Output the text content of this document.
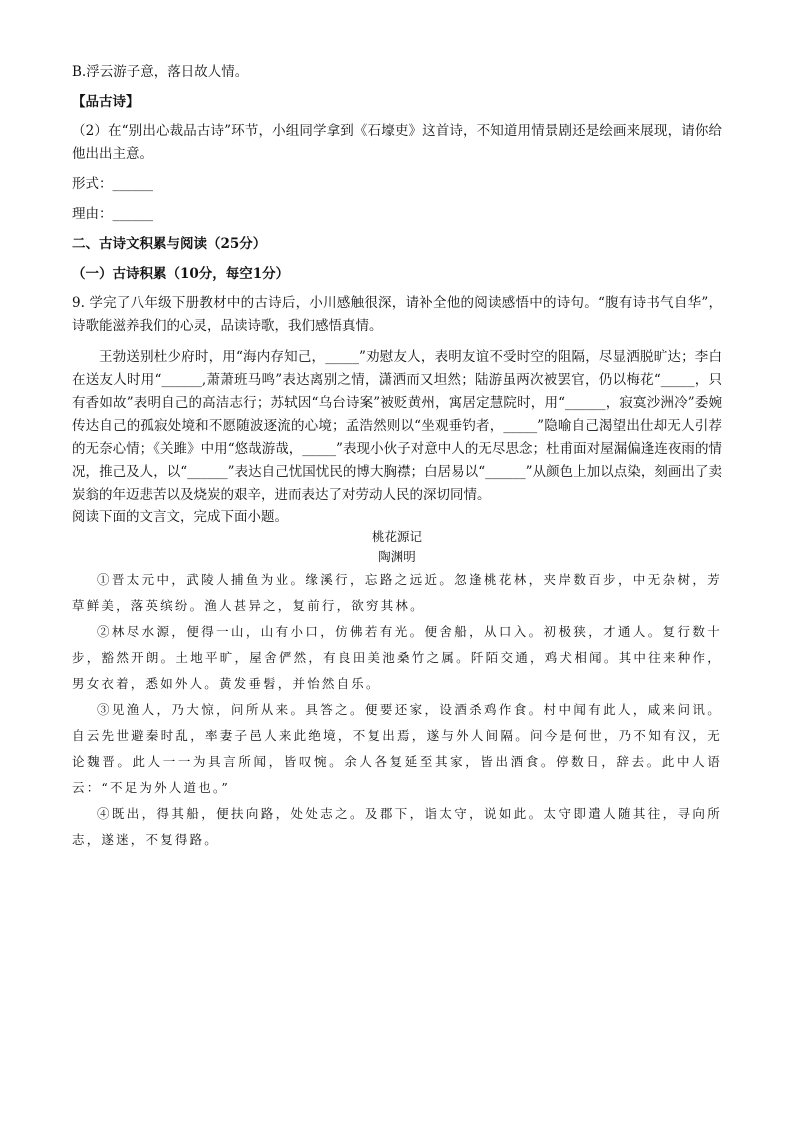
B.浮云游子意，落日故人情。

【品古诗】

（2）在“别出心裁品古诗”环节，小组同学拿到《石壕吏》这首诗，不知道用情景剧还是绘画来展现，请你给他出出主意。

形式：______

理由：______

二、古诗文积累与阅读（25分）

（一）古诗积累（10分，每空1分）

9. 学完了八年级下册教材中的古诗后，小川感触很深，请补全他的阅读感悟中的诗句。“腹有诗书气自华”，诗歌能滋养我们的心灵，品读诗歌，我们感悟真情。

王勃送别杜少府时，用“海内存知己，_____”劝慰友人，表明友谊不受时空的阻隔，尽显洒脱旷达；李白在送友人时用“______,萧萧班马鸣”表达离别之情，潇洒而又坦然；陆游虽两次被罢官，仍以梅花“_____，只有香如故”表明自己的高洁志行；苏轼因“乌台诗案”被贬黄州，寓居定慧院时，用“______，寂寞沙洲冷”委婉传达自己的孤寂处境和不愿随波逐流的心境；孟浩然则以“坐观垂钓者，_____”隐喻自己渴望出仕却无人引荐的无奈心情；《关雎》中用“悠哉游哉，_____”表现小伙子对意中人的无尽思念；杜甫面对屋漏偏逢连夜雨的情况，推己及人，以“______”表达自己忧国忧民的博大胸襟；白居易以“______”从颜色上加以点染，刻画出了卖炭翁的年迈悲苦以及烧炭的艰辛，进而表达了对劳动人民的深切同情。

阅读下面的文言文，完成下面小题。

桃花源记

陶渊明

①晋太元中，武陵人捕鱼为业。缘溪行，忘路之远近。忽逢桃花林，夹岸数百步，中无杂树，芳草鲜美，落英缤纷。渔人甚异之，复前行，欲穷其林。

②林尽水源，便得一山，山有小口，仿佛若有光。便舍船，从口入。初极狭，才通人。复行数十步，豁然开朗。土地平旷，屋舍俨然，有良田美池桑竹之属。阡陌交通，鸡犬相闻。其中往来种作，男女衣着，悉如外人。黄发垂髫，并怡然自乐。

③见渔人，乃大惊，问所从来。具答之。便要还家，设酒杀鸡作食。村中闻有此人，咸来问讯。自云先世避秦时乱，率妻子邑人来此绝境，不复出焉，遂与外人间隔。问今是何世，乃不知有汉，无论魏晋。此人一一为具言所闻，皆叹惋。余人各复延至其家，皆出酒食。停数日，辞去。此中人语云：“不足为外人道也。”

④既出，得其船，便扶向路，处处志之。及郡下，诣太守，说如此。太守即遣人随其往，寻向所志，遂迷，不复得路。
